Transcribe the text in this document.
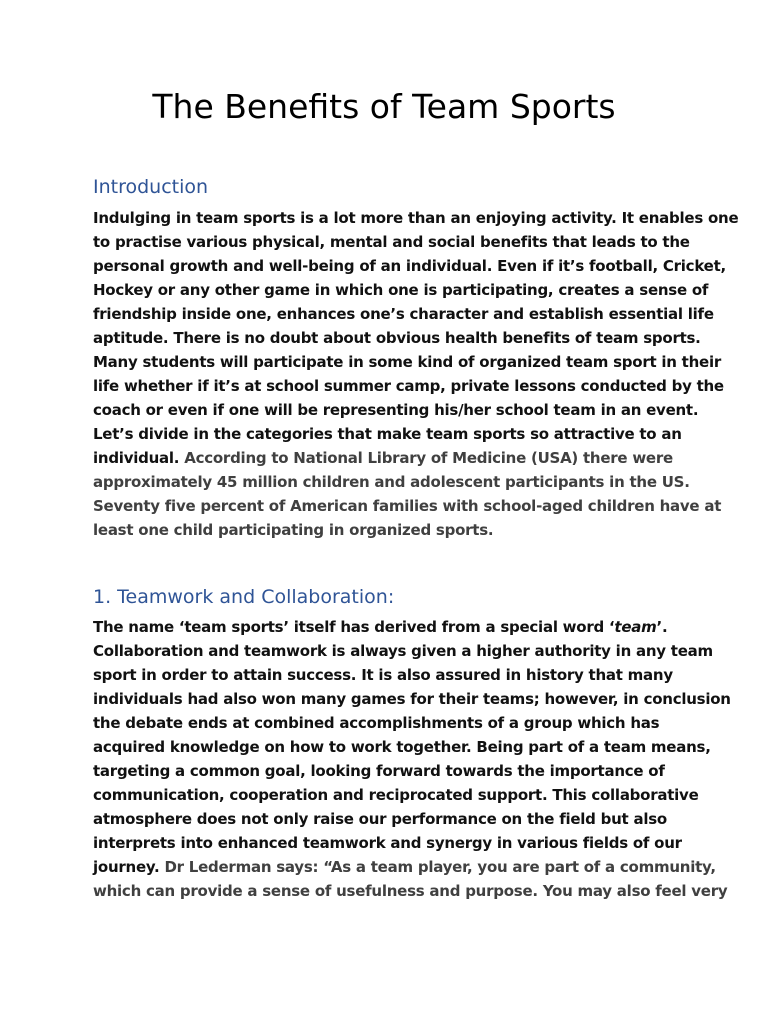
The Benefits of Team Sports
Introduction
Indulging in team sports is a lot more than an enjoying activity. It enables one
to practise various physical, mental and social benefits that leads to the
personal growth and well-being of an individual. Even if it’s football, Cricket,
Hockey or any other game in which one is participating, creates a sense of
friendship inside one, enhances one’s character and establish essential life
aptitude. There is no doubt about obvious health benefits of team sports.
Many students will participate in some kind of organized team sport in their
life whether if it’s at school summer camp, private lessons conducted by the
coach or even if one will be representing his/her school team in an event.
Let’s divide in the categories that make team sports so attractive to an
individual. According to National Library of Medicine (USA) there were
approximately 45 million children and adolescent participants in the US.
Seventy five percent of American families with school-aged children have at
least one child participating in organized sports.
1. Teamwork and Collaboration:
The name ‘team sports’ itself has derived from a special word ‘team’.
Collaboration and teamwork is always given a higher authority in any team
sport in order to attain success. It is also assured in history that many
individuals had also won many games for their teams; however, in conclusion
the debate ends at combined accomplishments of a group which has
acquired knowledge on how to work together. Being part of a team means,
targeting a common goal, looking forward towards the importance of
communication, cooperation and reciprocated support. This collaborative
atmosphere does not only raise our performance on the field but also
interprets into enhanced teamwork and synergy in various fields of our
journey. Dr Lederman says: “As a team player, you are part of a community,
which can provide a sense of usefulness and purpose. You may also feel very
